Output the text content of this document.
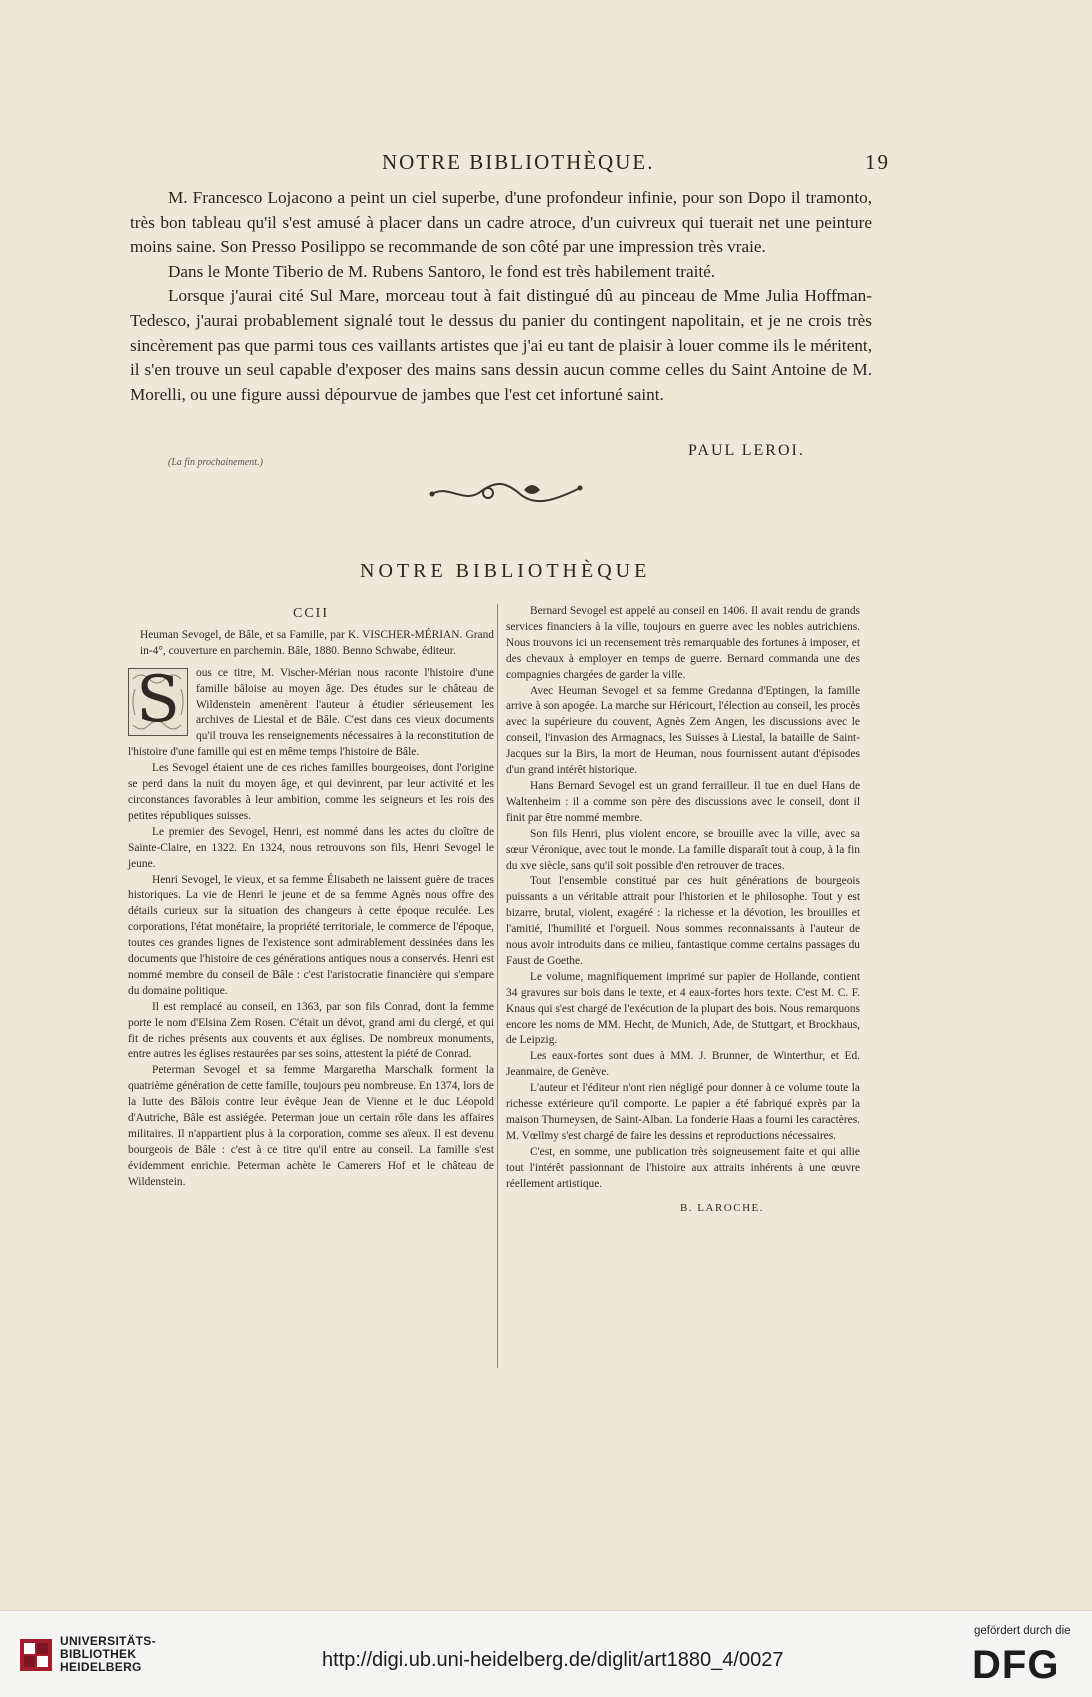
NOTRE BIBLIOTHÈQUE.	19

M. Francesco Lojacono a peint un ciel superbe, d'une profondeur infinie, pour son Dopo il tramonto, très bon tableau qu'il s'est amusé à placer dans un cadre atroce, d'un cuivreux qui tuerait net une peinture moins saine. Son Presso Posilippo se recommande de son côté par une impression très vraie.

Dans le Monte Tiberio de M. Rubens Santoro, le fond est très habilement traité.

Lorsque j'aurai cité Sul Mare, morceau tout à fait distingué dû au pinceau de Mme Julia Hoffman-Tedesco, j'aurai probablement signalé tout le dessus du panier du contingent napolitain, et je ne crois très sincèrement pas que parmi tous ces vaillants artistes que j'ai eu tant de plaisir à louer comme ils le méritent, il s'en trouve un seul capable d'exposer des mains sans dessin aucun comme celles du Saint Antoine de M. Morelli, ou une figure aussi dépourvue de jambes que l'est cet infortuné saint.

PAUL LEROI.
(La fin prochainement.)
NOTRE BIBLIOTHÈQUE
CCII

Heuman Sevogel, de Bâle, et sa Famille, par K. VISCHER-MÉRIAN. Grand in-4°, couverture en parchemin. Bâle, 1880. Benno Schwabe, éditeur.

S	ous ce titre, M. Vischer-Mérian nous raconte l'histoire d'une famille bâloise au moyen âge. Des études sur le château de Wildenstein amenèrent l'auteur à étudier sérieusement les archives de Liestal et de Bâle. C'est dans ces vieux documents qu'il trouva les renseignements nécessaires à la reconstitution de l'histoire d'une famille qui est en même temps l'histoire de Bâle.

Les Sevogel étaient une de ces riches familles bourgeoises, dont l'origine se perd dans la nuit du moyen âge, et qui devinrent, par leur activité et les circonstances favorables à leur ambition, comme les seigneurs et les rois des petites républiques suisses.

Le premier des Sevogel, Henri, est nommé dans les actes du cloître de Sainte-Claire, en 1322. En 1324, nous retrouvons son fils, Henri Sevogel le jeune.

Henri Sevogel, le vieux, et sa femme Élisabeth ne laissent guère de traces historiques. La vie de Henri le jeune et de sa femme Agnès nous offre des détails curieux sur la situation des changeurs à cette époque reculée. Les corporations, l'état monétaire, la propriété territoriale, le commerce de l'époque, toutes ces grandes lignes de l'existence sont admirablement dessinées dans les documents que l'histoire de ces générations antiques nous a conservés. Henri est nommé membre du conseil de Bâle : c'est l'aristocratie financière qui s'empare du domaine politique.

Il est remplacé au conseil, en 1363, par son fils Conrad, dont la femme porte le nom d'Elsina Zem Rosen. C'était un dévot, grand ami du clergé, et qui fit de riches présents aux couvents et aux églises. De nombreux monuments, entre autres les églises restaurées par ses soins, attestent la piété de Conrad.

Peterman Sevogel et sa femme Margaretha Marschalk forment la quatrième génération de cette famille, toujours peu nombreuse. En 1374, lors de la lutte des Bâlois contre leur évêque Jean de Vienne et le duc Léopold d'Autriche, Bâle est assiégée. Peterman joue un certain rôle dans les affaires militaires. Il n'appartient plus à la corporation, comme ses aïeux. Il est devenu bourgeois de Bâle : c'est à ce titre qu'il entre au conseil. La famille s'est évidemment enrichie. Peterman achète le Camerers Hof et le château de Wildenstein.

Bernard Sevogel est appelé au conseil en 1406. Il avait rendu de grands services financiers à la ville, toujours en guerre avec les nobles autrichiens. Nous trouvons ici un recensement très remarquable des fortunes à imposer, et des chevaux à employer en temps de guerre. Bernard commanda une des compagnies chargées de garder la ville.

Avec Heuman Sevogel et sa femme Gredanna d'Eptingen, la famille arrive à son apogée. La marche sur Héricourt, l'élection au conseil, les procès avec la supérieure du couvent, Agnès Zem Angen, les discussions avec le conseil, l'invasion des Armagnacs, les Suisses à Liestal, la bataille de Saint-Jacques sur la Birs, la mort de Heuman, nous fournissent autant d'épisodes d'un grand intérêt historique.

Hans Bernard Sevogel est un grand ferrailleur. Il tue en duel Hans de Waltenheim : il a comme son père des discussions avec le conseil, dont il finit par être nommé membre.

Son fils Henri, plus violent encore, se brouille avec la ville, avec sa sœur Véronique, avec tout le monde. La famille disparaît tout à coup, à la fin du xve siècle, sans qu'il soit possible d'en retrouver de traces.

Tout l'ensemble constitué par ces huit générations de bourgeois puissants a un véritable attrait pour l'historien et le philosophe. Tout y est bizarre, brutal, violent, exagéré : la richesse et la dévotion, les brouilles et l'amitié, l'humilité et l'orgueil. Nous sommes reconnaissants à l'auteur de nous avoir introduits dans ce milieu, fantastique comme certains passages du Faust de Goethe.

Le volume, magnifiquement imprimé sur papier de Hollande, contient 34 gravures sur bois dans le texte, et 4 eaux-fortes hors texte. C'est M. C. F. Knaus qui s'est chargé de l'exécution de la plupart des bois. Nous remarquons encore les noms de MM. Hecht, de Munich, Ade, de Stuttgart, et Brockhaus, de Leipzig.

Les eaux-fortes sont dues à MM. J. Brunner, de Winterthur, et Ed. Jeanmaire, de Genève.

L'auteur et l'éditeur n'ont rien négligé pour donner à ce volume toute la richesse extérieure qu'il comporte. Le papier a été fabriqué exprès par la maison Thurneysen, de Saint-Alban. La fonderie Haas a fourni les caractères. M. Vœllmy s'est chargé de faire les dessins et reproductions nécessaires.

C'est, en somme, une publication très soigneusement faite et qui allie tout l'intérêt passionnant de l'histoire aux attraits inhérents à une œuvre réellement artistique.

B. LAROCHE.
UNIVERSITÄTS-
BIBLIOTHEK
HEIDELBERG	http://digi.ub.uni-heidelberg.de/diglit/art1880_4/0027
gefördert durch die
DFG
